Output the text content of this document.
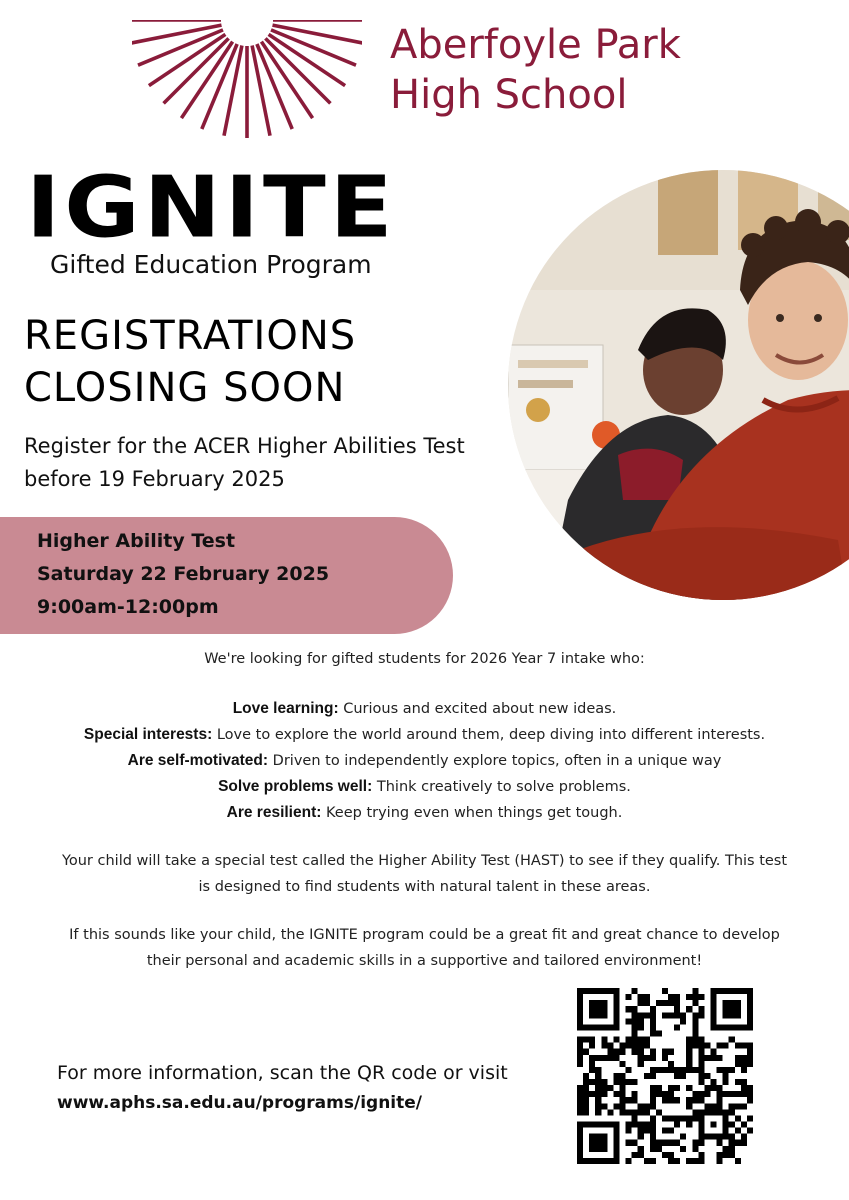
Aberfoyle Park
High School
IGNITE
Gifted Education Program
REGISTRATIONS
CLOSING SOON
Register for the ACER Higher Abilities Test
before 19 February 2025
Higher Ability Test
Saturday 22 February 2025
9:00am-12:00pm
We're looking for gifted students for 2026 Year 7 intake who:
Love learning: Curious and excited about new ideas.
Special interests: Love to explore the world around them, deep diving into different interests.
Are self-motivated: Driven to independently explore topics, often in a unique way
Solve problems well: Think creatively to solve problems.
Are resilient: Keep trying even when things get tough.
Your child will take a special test called the Higher Ability Test (HAST) to see if they qualify. This test
is designed to find students with natural talent in these areas.
If this sounds like your child, the IGNITE program could be a great fit and great chance to develop
their personal and academic skills in a supportive and tailored environment!
For more information, scan the QR code or visit
www.aphs.sa.edu.au/programs/ignite/
